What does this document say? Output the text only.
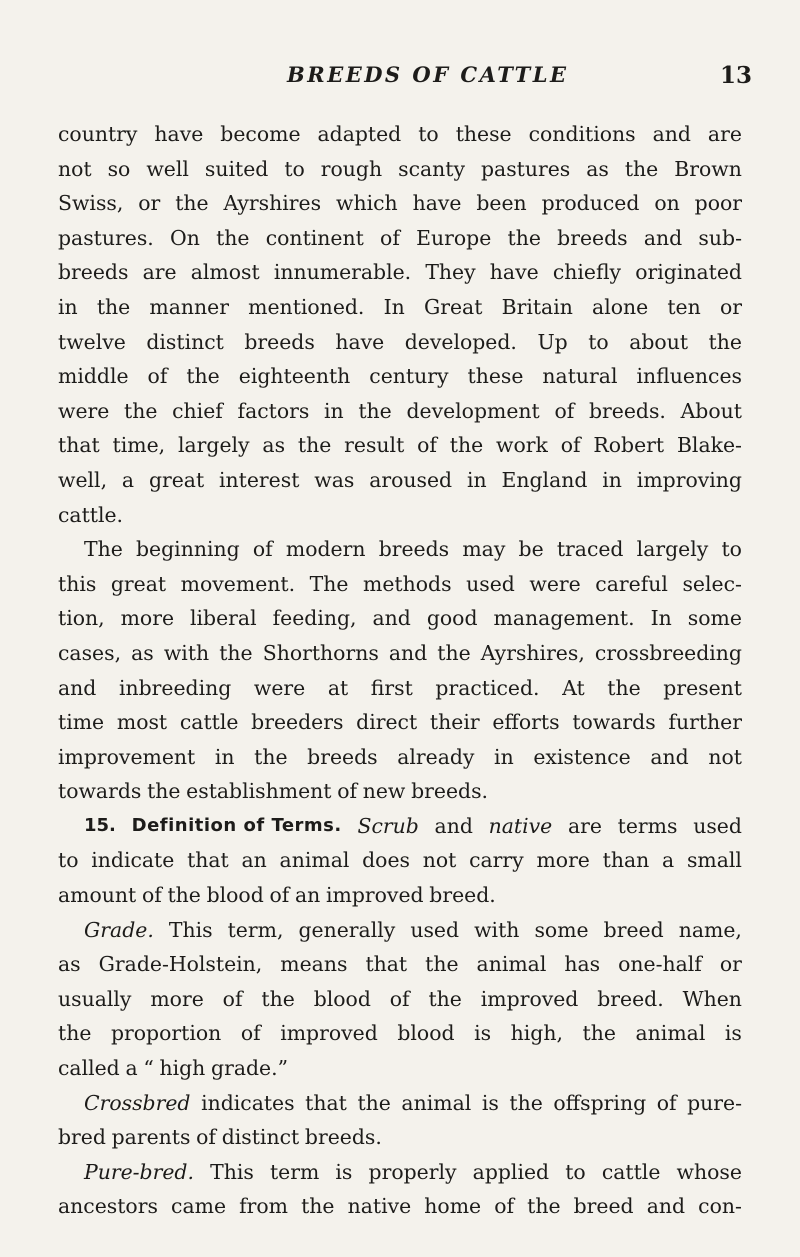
BREEDS OF CATTLE	13
country have become adapted to these conditions and are
not so well suited to rough scanty pastures as the Brown
Swiss, or the Ayrshires which have been produced on poor
pastures. On the continent of Europe the breeds and sub-
breeds are almost innumerable. They have chiefly originated
in the manner mentioned. In Great Britain alone ten or
twelve distinct breeds have developed. Up to about the
middle of the eighteenth century these natural influences
were the chief factors in the development of breeds. About
that time, largely as the result of the work of Robert Blake-
well, a great interest was aroused in England in improving
cattle.
The beginning of modern breeds may be traced largely to
this great movement. The methods used were careful selec-
tion, more liberal feeding, and good management. In some
cases, as with the Shorthorns and the Ayrshires, crossbreeding
and inbreeding were at first practiced. At the present
time most cattle breeders direct their efforts towards further
improvement in the breeds already in existence and not
towards the establishment of new breeds.
15. Definition of Terms. Scrub and native are terms used
to indicate that an animal does not carry more than a small
amount of the blood of an improved breed.
Grade. This term, generally used with some breed name,
as Grade-Holstein, means that the animal has one-half or
usually more of the blood of the improved breed. When
the proportion of improved blood is high, the animal is
called a “ high grade.”
Crossbred indicates that the animal is the offspring of pure-
bred parents of distinct breeds.
Pure-bred. This term is properly applied to cattle whose
ancestors came from the native home of the breed and con-
